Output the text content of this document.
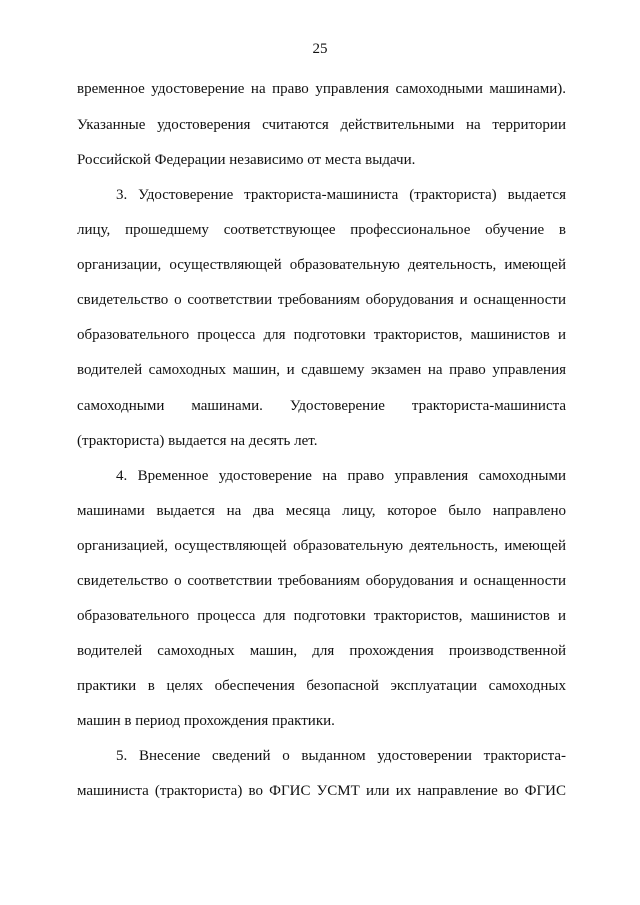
25
временное удостоверение на право управления самоходными машинами).
Указанные удостоверения считаются действительными на территории
Российской Федерации независимо от места выдачи.
3. Удостоверение тракториста-машиниста (тракториста) выдается
лицу, прошедшему соответствующее профессиональное обучение в
организации, осуществляющей образовательную деятельность, имеющей
свидетельство о соответствии требованиям оборудования и оснащенности
образовательного процесса для подготовки трактористов, машинистов и
водителей самоходных машин, и сдавшему экзамен на право управления
самоходными машинами. Удостоверение тракториста-машиниста
(тракториста) выдается на десять лет.
4. Временное удостоверение на право управления самоходными
машинами выдается на два месяца лицу, которое было направлено
организацией, осуществляющей образовательную деятельность, имеющей
свидетельство о соответствии требованиям оборудования и оснащенности
образовательного процесса для подготовки трактористов, машинистов и
водителей самоходных машин, для прохождения производственной
практики в целях обеспечения безопасной эксплуатации самоходных
машин в период прохождения практики.
5. Внесение сведений о выданном удостоверении тракториста-
машиниста (тракториста) во ФГИС УСМТ или их направление во ФГИС
